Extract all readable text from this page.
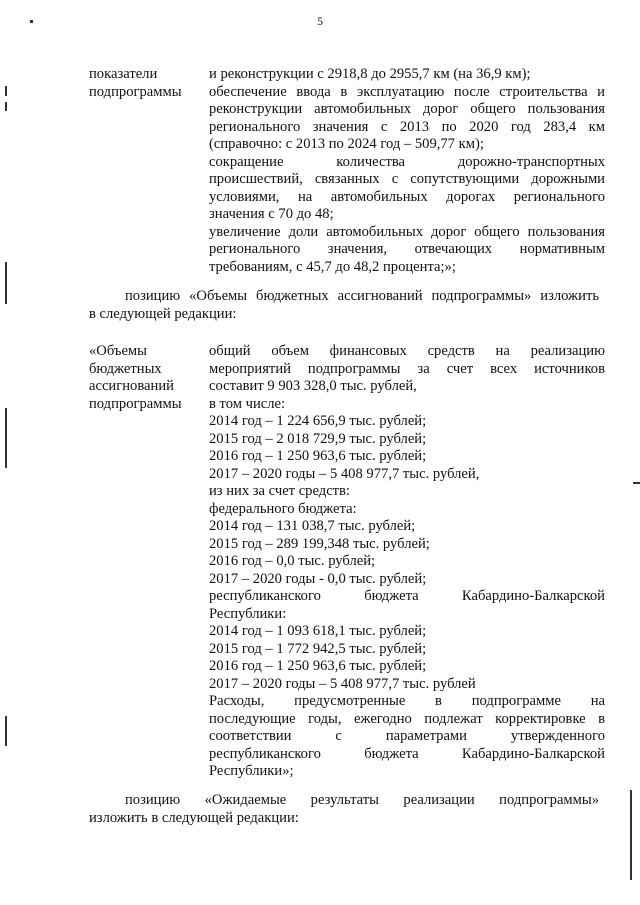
5
показатели
подпрограммы
и реконструкции с 2918,8 до 2955,7 км (на 36,9 км);
обеспечение ввода в эксплуатацию после строительства и
реконструкции автомобильных дорог общего пользования
регионального значения с 2013 по 2020 год 283,4 км
(справочно: с 2013 по 2024 год – 509,77 км);
сокращение количества дорожно-транспортных
происшествий, связанных с сопутствующими дорожными
условиями, на автомобильных дорогах регионального
значения с 70 до 48;
увеличение доли автомобильных дорог общего пользования
регионального значения, отвечающих нормативным
требованиям, с 45,7 до 48,2 процента;»;
позицию «Объемы бюджетных ассигнований подпрограммы» изложить
в следующей редакции:
«Объемы
бюджетных
ассигнований
подпрограммы
общий объем финансовых средств на реализацию
мероприятий подпрограммы за счет всех источников
составит 9 903 328,0 тыс. рублей,
в том числе:
2014 год – 1 224 656,9 тыс. рублей;
2015 год – 2 018 729,9 тыс. рублей;
2016 год – 1 250 963,6 тыс. рублей;
2017 – 2020 годы – 5 408 977,7 тыс. рублей,
из них за счет средств:
федерального бюджета:
2014 год – 131 038,7 тыс. рублей;
2015 год – 289 199,348 тыс. рублей;
2016 год – 0,0 тыс. рублей;
2017 – 2020 годы - 0,0 тыс. рублей;
республиканского бюджета Кабардино-Балкарской
Республики:
2014 год – 1 093 618,1 тыс. рублей;
2015 год – 1 772 942,5 тыс. рублей;
2016 год – 1 250 963,6 тыс. рублей;
2017 – 2020 годы – 5 408 977,7 тыс. рублей
Расходы, предусмотренные в подпрограмме на
последующие годы, ежегодно подлежат корректировке в
соответствии с параметрами утвержденного
республиканского бюджета Кабардино-Балкарской
Республики»;
позицию «Ожидаемые результаты реализации подпрограммы»
изложить в следующей редакции:
